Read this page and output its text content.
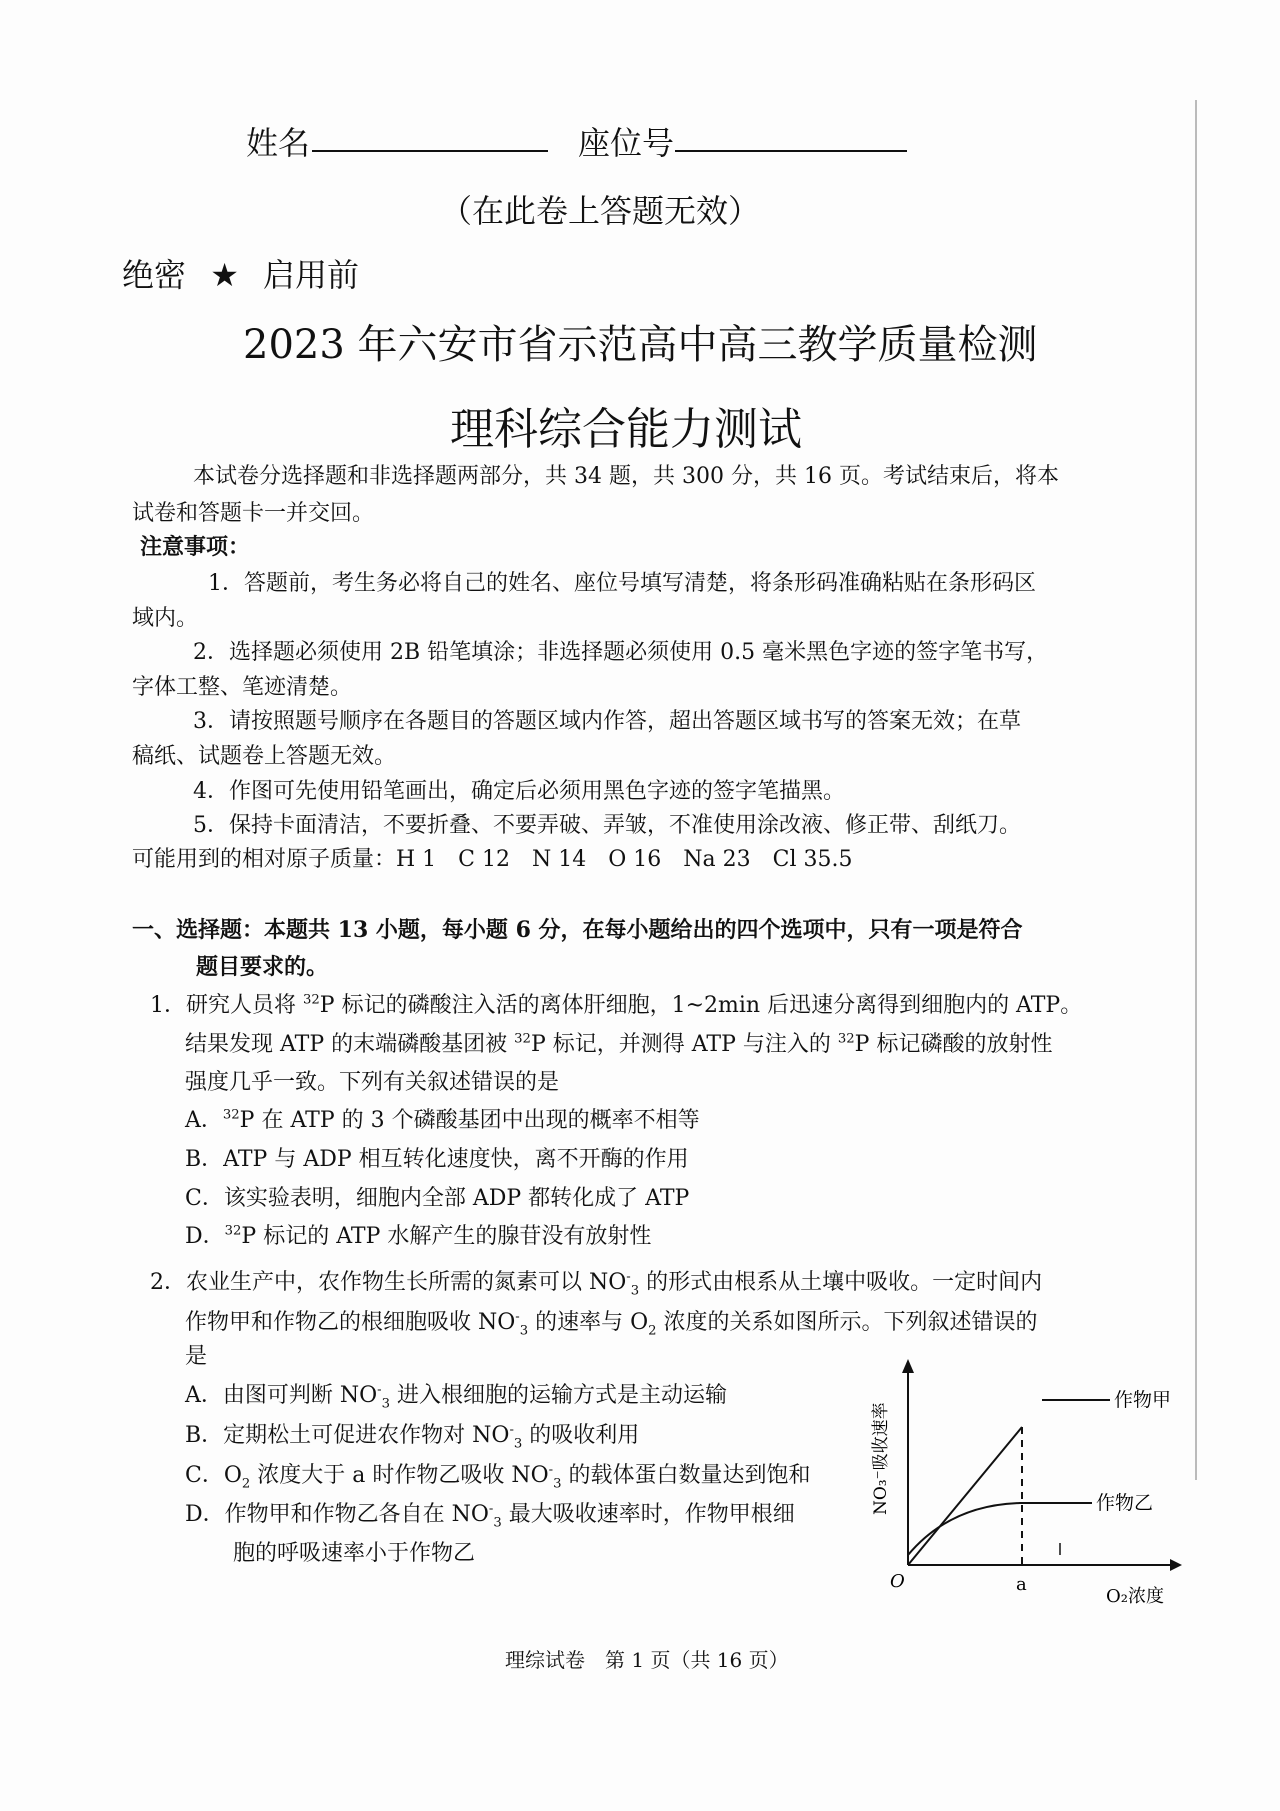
姓名	座位号
（在此卷上答题无效）
绝密 ★ 启用前
2023 年六安市省示范高中高三教学质量检测
理科综合能力测试
本试卷分选择题和非选择题两部分，共 34 题，共 300 分，共 16 页。考试结束后，将本
试卷和答题卡一并交回。
注意事项：
1．答题前，考生务必将自己的姓名、座位号填写清楚，将条形码准确粘贴在条形码区
域内。
2．选择题必须使用 2B 铅笔填涂；非选择题必须使用 0.5 毫米黑色字迹的签字笔书写，
字体工整、笔迹清楚。
3．请按照题号顺序在各题目的答题区域内作答，超出答题区域书写的答案无效；在草
稿纸、试题卷上答题无效。
4．作图可先使用铅笔画出，确定后必须用黑色字迹的签字笔描黑。
5．保持卡面清洁，不要折叠、不要弄破、弄皱，不准使用涂改液、修正带、刮纸刀。
可能用到的相对原子质量：H 1　C 12　N 14　O 16　Na 23　Cl 35.5
一、选择题：本题共 13 小题，每小题 6 分，在每小题给出的四个选项中，只有一项是符合
题目要求的。
1．研究人员将 $^{32}$P 标记的磷酸注入活的离体肝细胞，1~2min 后迅速分离得到细胞内的 ATP。
结果发现 ATP 的末端磷酸基团被 $^{32}$P 标记，并测得 ATP 与注入的 $^{32}$P 标记磷酸的放射性
强度几乎一致。下列有关叙述错误的是
A．$^{32}$P 在 ATP 的 3 个磷酸基团中出现的概率不相等
B．ATP 与 ADP 相互转化速度快，离不开酶的作用
C．该实验表明，细胞内全部 ADP 都转化成了 ATP
D．$^{32}$P 标记的 ATP 水解产生的腺苷没有放射性
2．农业生产中，农作物生长所需的氮素可以 $NO^-_3$ 的形式由根系从土壤中吸收。一定时间内
作物甲和作物乙的根细胞吸收 $NO^-_3$ 的速率与 $O_2$ 浓度的关系如图所示。下列叙述错误的
是
A．由图可判断 $NO^-_3$ 进入根细胞的运输方式是主动运输
B．定期松土可促进农作物对 $NO^-_3$ 的吸收利用
C．$O_2$ 浓度大于 a 时作物乙吸收 $NO^-_3$ 的载体蛋白数量达到饱和
D．作物甲和作物乙各自在 $NO^-_3$ 最大吸收速率时，作物甲根细
胞的呼吸速率小于作物乙
NO₃⁻吸收速率
O	a
O₂浓度
作物甲
作物乙
理综试卷　第 1 页（共 16 页）
